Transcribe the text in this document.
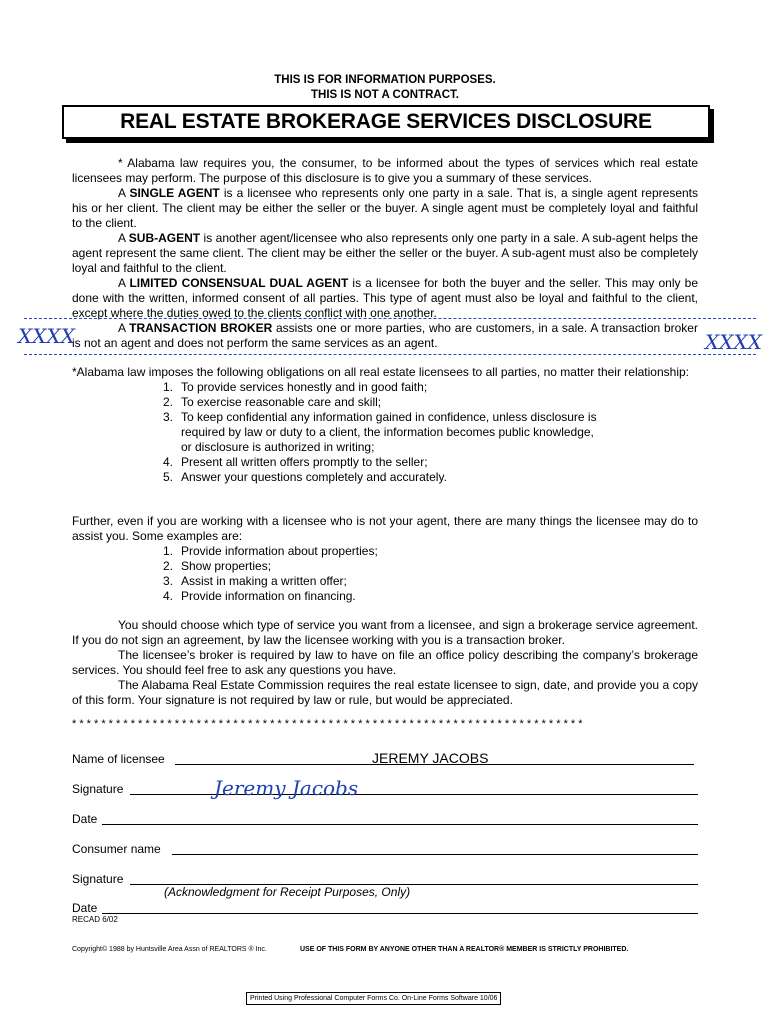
THIS IS FOR INFORMATION PURPOSES.
THIS IS NOT A CONTRACT.
REAL ESTATE BROKERAGE SERVICES DISCLOSURE

* Alabama law requires you, the consumer, to be informed about the types of services which real estate licensees may perform. The purpose of this disclosure is to give you a summary of these services.

A SINGLE AGENT is a licensee who represents only one party in a sale. That is, a single agent represents his or her client. The client may be either the seller or the buyer. A single agent must be completely loyal and faithful to the client.

A SUB-AGENT is another agent/licensee who also represents only one party in a sale. A sub-agent helps the agent represent the same client. The client may be either the seller or the buyer. A sub-agent must also be completely loyal and faithful to the client.

A LIMITED CONSENSUAL DUAL AGENT is a licensee for both the buyer and the seller. This may only be done with the written, informed consent of all parties. This type of agent must also be loyal and faithful to the client, except where the duties owed to the clients conflict with one another.

A TRANSACTION BROKER assists one or more parties, who are customers, in a sale. A transaction broker is not an agent and does not perform the same services as an agent.

XXXX	XXXX

*Alabama law imposes the following obligations on all real estate licensees to all parties, no matter their relationship:

1. To provide services honestly and in good faith;
2. To exercise reasonable care and skill;
3. To keep confidential any information gained in confidence, unless disclosure is required by law or duty to a client, the information becomes public knowledge, or disclosure is authorized in writing;
4. Present all written offers promptly to the seller;
5. Answer your questions completely and accurately.

Further, even if you are working with a licensee who is not your agent, there are many things the licensee may do to assist you. Some examples are:

1. Provide information about properties;
2. Show properties;
3. Assist in making a written offer;
4. Provide information on financing.

You should choose which type of service you want from a licensee, and sign a brokerage service agreement. If you do not sign an agreement, by law the licensee working with you is a transaction broker.

The licensee’s broker is required by law to have on file an office policy describing the company’s brokerage services. You should feel free to ask any questions you have.

The Alabama Real Estate Commission requires the real estate licensee to sign, date, and provide you a copy of this form. Your signature is not required by law or rule, but would be appreciated.

* * * * * * * * * * * * * * * * * * * * * * * * * * * * * * * * * * * * * * * * * * * * * * * * * * * * * * * * * * * * * * * * * * * * * *
Name of licensee	JEREMY JACOBS
Signature	Jeremy Jacobs
Date
Consumer name
Signature
(Acknowledgment for Receipt Purposes, Only)
Date
RECAD 6/02
Copyright© 1988 by Huntsville Area Assn of REALTORS ® Inc.	USE OF THIS FORM BY ANYONE OTHER THAN A REALTOR® MEMBER IS STRICTLY PROHIBITED.
Printed Using Professional Computer Forms Co. On-Line Forms Software 10/06
